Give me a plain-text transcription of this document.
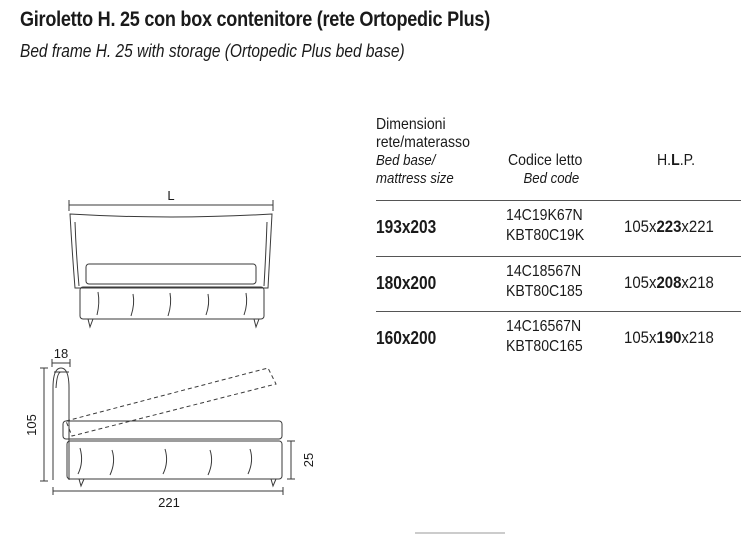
Giroletto H. 25 con box contenitore (rete Ortopedic Plus)
Bed frame H. 25 with storage (Ortopedic Plus bed base)
L
18
105
25
221
Dimensioni
rete/materasso
Bed base/
mattress size
Codice letto
Bed code
H.L.P.
193x203
14C19K67N
KBT80C19K 105x223x221
180x200
14C18567N
KBT80C185 105x208x218
160x200
14C16567N
KBT80C165 105x190x218
